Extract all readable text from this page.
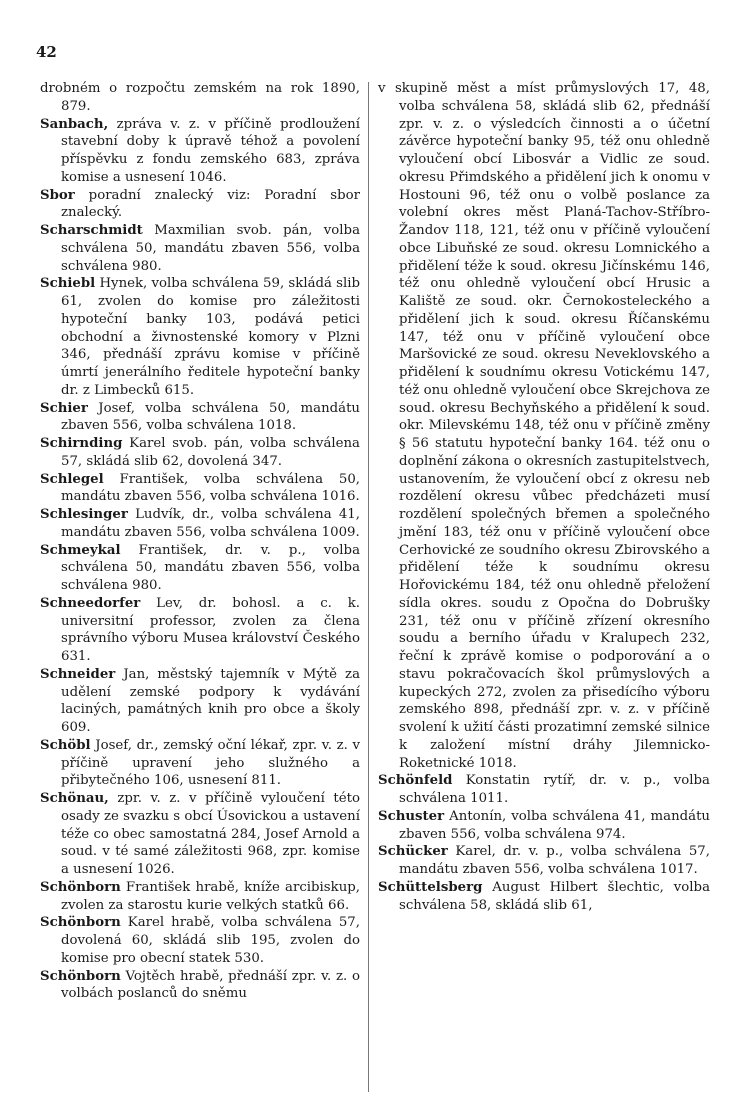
42

drobném o rozpočtu zemském na rok 1890, 879.

Sanbach, zpráva v. z. v příčině prodloužení stavební doby k úpravě téhož a povolení příspěvku z fondu zemského 683, zpráva komise a usnesení 1046.

Sbor poradní znalecký viz: Poradní sbor znalecký.

Scharschmidt Maxmilian svob. pán, volba schválena 50, mandátu zbaven 556, volba schválena 980.

Schiebl Hynek, volba schválena 59, skládá slib 61, zvolen do komise pro záležitosti hypoteční banky 103, podává petici obchodní a živnostenské komory v Plzni 346, přednáší zprávu komise v příčině úmrtí jenerálního ředitele hypoteční banky dr. z Limbecků 615.

Schier Josef, volba schválena 50, mandátu zbaven 556, volba schválena 1018.

Schirnding Karel svob. pán, volba schválena 57, skládá slib 62, dovolená 347.

Schlegel František, volba schválena 50, mandátu zbaven 556, volba schválena 1016.

Schlesinger Ludvík, dr., volba schválena 41, mandátu zbaven 556, volba schválena 1009.

Schmeykal František, dr. v. p., volba schválena 50, mandátu zbaven 556, volba schválena 980.

Schneedorfer Lev, dr. bohosl. a c. k. universitní professor, zvolen za člena správního výboru Musea království Českého 631.

Schneider Jan, městský tajemník v Mýtě za udělení zemské podpory k vydávání laciných, památných knih pro obce a školy 609.

Schöbl Josef, dr., zemský oční lékař, zpr. v. z. v příčině upravení jeho služného a přibytečného 106, usnesení 811.

Schönau, zpr. v. z. v příčině vyloučení této osady ze svazku s obcí Úsovickou a ustavení téže co obec samostatná 284, Josef Arnold a soud. v té samé záležitosti 968, zpr. komise a usnesení 1026.

Schönborn František hrabě, kníže arcibiskup, zvolen za starostu kurie velkých statků 66.

Schönborn Karel hrabě, volba schválena 57, dovolená 60, skládá slib 195, zvolen do komise pro obecní statek 530.

Schönborn Vojtěch hrabě, přednáší zpr. v. z. o volbách poslanců do sněmu

v skupině měst a míst průmyslových 17, 48, volba schválena 58, skládá slib 62, přednáší zpr. v. z. o výsledcích činnosti a o účetní závěrce hypoteční banky 95, též onu ohledně vyloučení obcí Libosvár a Vidlic ze soud. okresu Přimdského a přidělení jich k onomu v Hostouni 96, též onu o volbě poslance za volební okres měst Planá-Tachov-Stříbro-Žandov 118, 121, též onu v příčině vyloučení obce Libuňské ze soud. okresu Lomnického a přidělení téže k soud. okresu Jičínskému 146, též onu ohledně vyloučení obcí Hrusic a Kaliště ze soud. okr. Černokosteleckého a přidělení jich k soud. okresu Říčanskému 147, též onu v příčině vyloučení obce Maršovické ze soud. okresu Neveklovského a přidělení k soudnímu okresu Votickému 147, též onu ohledně vyloučení obce Skrejchova ze soud. okresu Bechyňského a přidělení k soud. okr. Milevskému 148, též onu v příčině změny § 56 statutu hypoteční banky 164. též onu o doplnění zákona o okresních zastupitelstvech, ustanovením, že vyloučení obcí z okresu neb rozdělení okresu vůbec předcházeti musí rozdělení společných břemen a společného jmění 183, též onu v příčině vyloučení obce Cerhovické ze soudního okresu Zbirovského a přidělení téže k soudnímu okresu Hořovickému 184, též onu ohledně přeložení sídla okres. soudu z Opočna do Dobrušky 231, též onu v příčině zřízení okresního soudu a berního úřadu v Kralupech 232, řeční k zprávě komise o podporování a o stavu pokračovacích škol průmyslových a kupeckých 272, zvolen za přisedícího výboru zemského 898, přednáší zpr. v. z. v příčině svolení k užití části prozatimní zemské silnice k založení místní dráhy Jilemnicko-Roketnické 1018.

Schönfeld Konstatin rytíř, dr. v. p., volba schválena 1011.

Schuster Antonín, volba schválena 41, mandátu zbaven 556, volba schválena 974.

Schücker Karel, dr. v. p., volba schválena 57, mandátu zbaven 556, volba schválena 1017.

Schüttelsberg August Hilbert šlechtic, volba schválena 58, skládá slib 61,
